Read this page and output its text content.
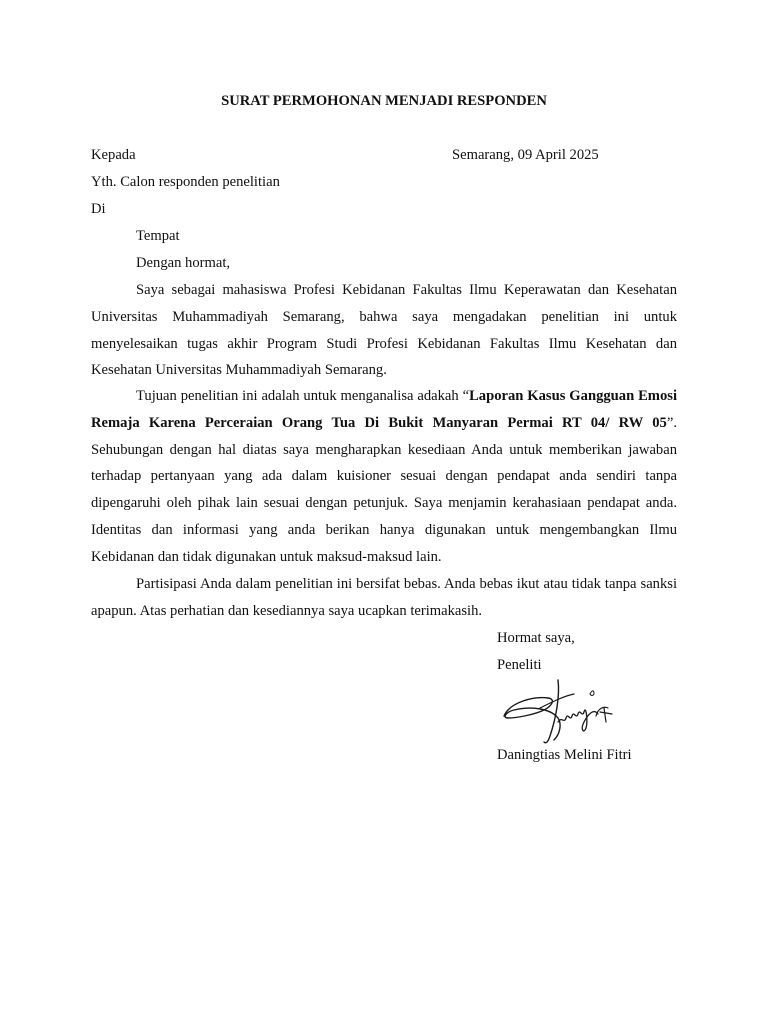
SURAT PERMOHONAN MENJADI RESPONDEN
Kepada	Semarang, 09 April 2025
Yth. Calon responden penelitian
Di
Tempat
Dengan hormat,
Saya sebagai mahasiswa Profesi Kebidanan Fakultas Ilmu Keperawatan dan Kesehatan Universitas Muhammadiyah Semarang, bahwa saya mengadakan penelitian ini untuk menyelesaikan tugas akhir Program Studi Profesi Kebidanan Fakultas Ilmu Kesehatan dan Kesehatan Universitas Muhammadiyah Semarang.
Tujuan penelitian ini adalah untuk menganalisa adakah “Laporan Kasus Gangguan Emosi Remaja Karena Perceraian Orang Tua Di Bukit Manyaran Permai RT 04/ RW 05”. Sehubungan dengan hal diatas saya mengharapkan kesediaan Anda untuk memberikan jawaban terhadap pertanyaan yang ada dalam kuisioner sesuai dengan pendapat anda sendiri tanpa dipengaruhi oleh pihak lain sesuai dengan petunjuk. Saya menjamin kerahasiaan pendapat anda. Identitas dan informasi yang anda berikan hanya digunakan untuk mengembangkan Ilmu Kebidanan dan tidak digunakan untuk maksud-maksud lain.
Partisipasi Anda dalam penelitian ini bersifat bebas. Anda bebas ikut atau tidak tanpa sanksi apapun. Atas perhatian dan kesediannya saya ucapkan terimakasih.
Hormat saya,
Peneliti
Daningtias Melini Fitri
